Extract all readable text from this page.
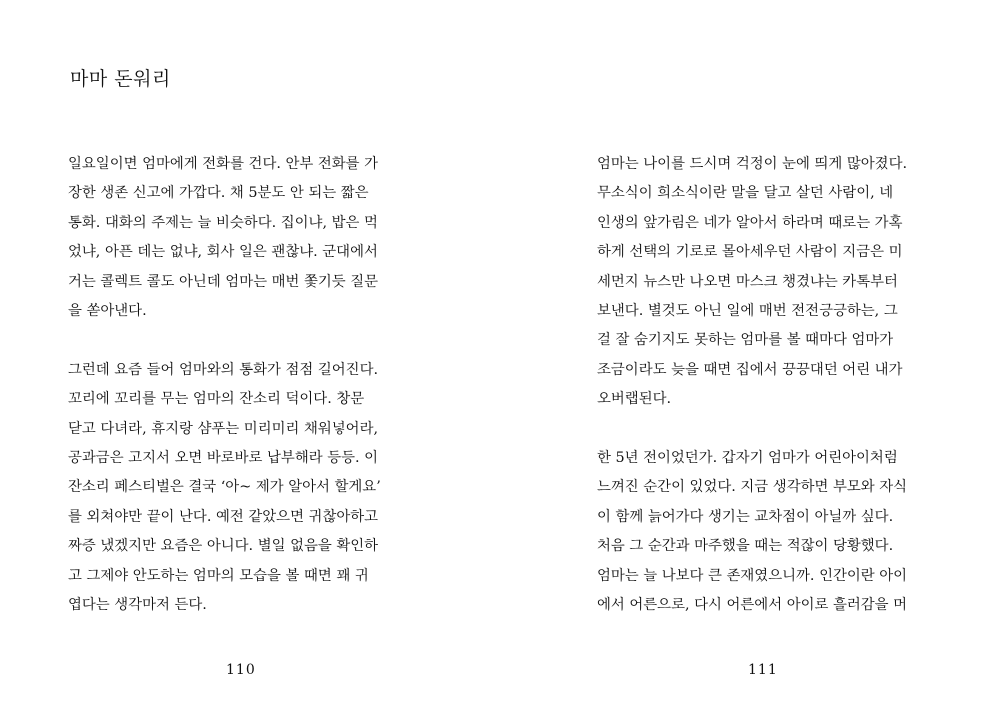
마마 돈워리

일요일이면 엄마에게 전화를 건다. 안부 전화를 가
장한 생존 신고에 가깝다. 채 5분도 안 되는 짧은
통화. 대화의 주제는 늘 비슷하다. 집이냐, 밥은 먹
었냐, 아픈 데는 없냐, 회사 일은 괜찮냐. 군대에서
거는 콜렉트 콜도 아닌데 엄마는 매번 쫓기듯 질문
을 쏟아낸다.

그런데 요즘 들어 엄마와의 통화가 점점 길어진다.
꼬리에 꼬리를 무는 엄마의 잔소리 덕이다. 창문
닫고 다녀라, 휴지랑 샴푸는 미리미리 채워넣어라,
공과금은 고지서 오면 바로바로 납부해라 등등. 이
잔소리 페스티벌은 결국 ‘아~ 제가 알아서 할게요’
를 외쳐야만 끝이 난다. 예전 같았으면 귀찮아하고
짜증 냈겠지만 요즘은 아니다. 별일 없음을 확인하
고 그제야 안도하는 엄마의 모습을 볼 때면 꽤 귀
엽다는 생각마저 든다.

110

엄마는 나이를 드시며 걱정이 눈에 띄게 많아졌다.
무소식이 희소식이란 말을 달고 살던 사람이, 네
인생의 앞가림은 네가 알아서 하라며 때로는 가혹
하게 선택의 기로로 몰아세우던 사람이 지금은 미
세먼지 뉴스만 나오면 마스크 챙겼냐는 카톡부터
보낸다. 별것도 아닌 일에 매번 전전긍긍하는, 그
걸 잘 숨기지도 못하는 엄마를 볼 때마다 엄마가
조금이라도 늦을 때면 집에서 끙끙대던 어린 내가
오버랩된다.

한 5년 전이었던가. 갑자기 엄마가 어린아이처럼
느껴진 순간이 있었다. 지금 생각하면 부모와 자식
이 함께 늙어가다 생기는 교차점이 아닐까 싶다.
처음 그 순간과 마주했을 때는 적잖이 당황했다.
엄마는 늘 나보다 큰 존재였으니까. 인간이란 아이
에서 어른으로, 다시 어른에서 아이로 흘러감을 머

111
